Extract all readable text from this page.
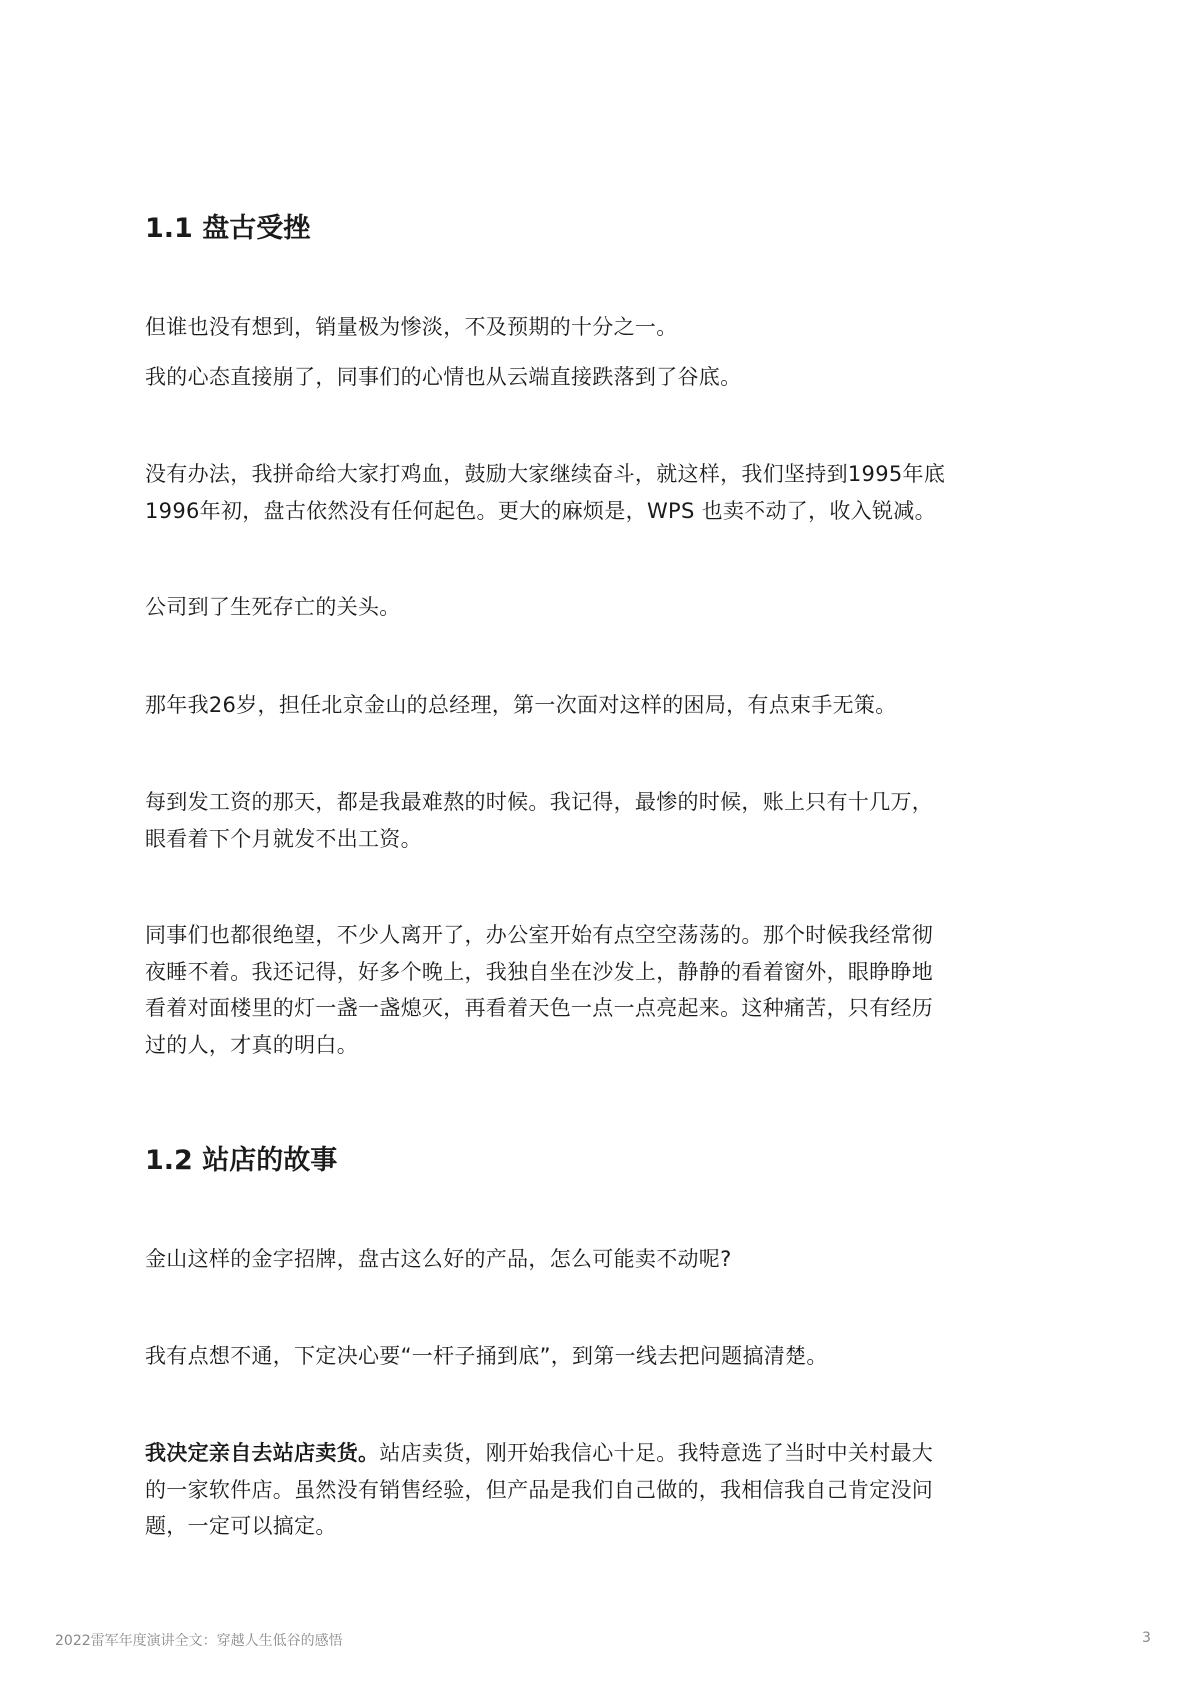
1.1 盘古受挫

但谁也没有想到，销量极为惨淡，不及预期的十分之一。

我的心态直接崩了，同事们的心情也从云端直接跌落到了谷底。

没有办法，我拼命给大家打鸡血，鼓励大家继续奋斗，就这样，我们坚持到1995年底
1996年初，盘古依然没有任何起色。更大的麻烦是，WPS 也卖不动了，收入锐减。

公司到了生死存亡的关头。

那年我26岁，担任北京金山的总经理，第一次面对这样的困局，有点束手无策。

每到发工资的那天，都是我最难熬的时候。我记得，最惨的时候，账上只有十几万，
眼看着下个月就发不出工资。

同事们也都很绝望，不少人离开了，办公室开始有点空空荡荡的。那个时候我经常彻
夜睡不着。我还记得，好多个晚上，我独自坐在沙发上，静静的看着窗外，眼睁睁地
看着对面楼里的灯一盏一盏熄灭，再看着天色一点一点亮起来。这种痛苦，只有经历
过的人，才真的明白。

1.2 站店的故事

金山这样的金字招牌，盘古这么好的产品，怎么可能卖不动呢?

我有点想不通，下定决心要“一杆子捅到底”，到第一线去把问题搞清楚。

我决定亲自去站店卖货。站店卖货，刚开始我信心十足。我特意选了当时中关村最大
的一家软件店。虽然没有销售经验，但产品是我们自己做的，我相信我自己肯定没问
题，一定可以搞定。

2022雷军年度演讲全文：穿越人生低谷的感悟	3
